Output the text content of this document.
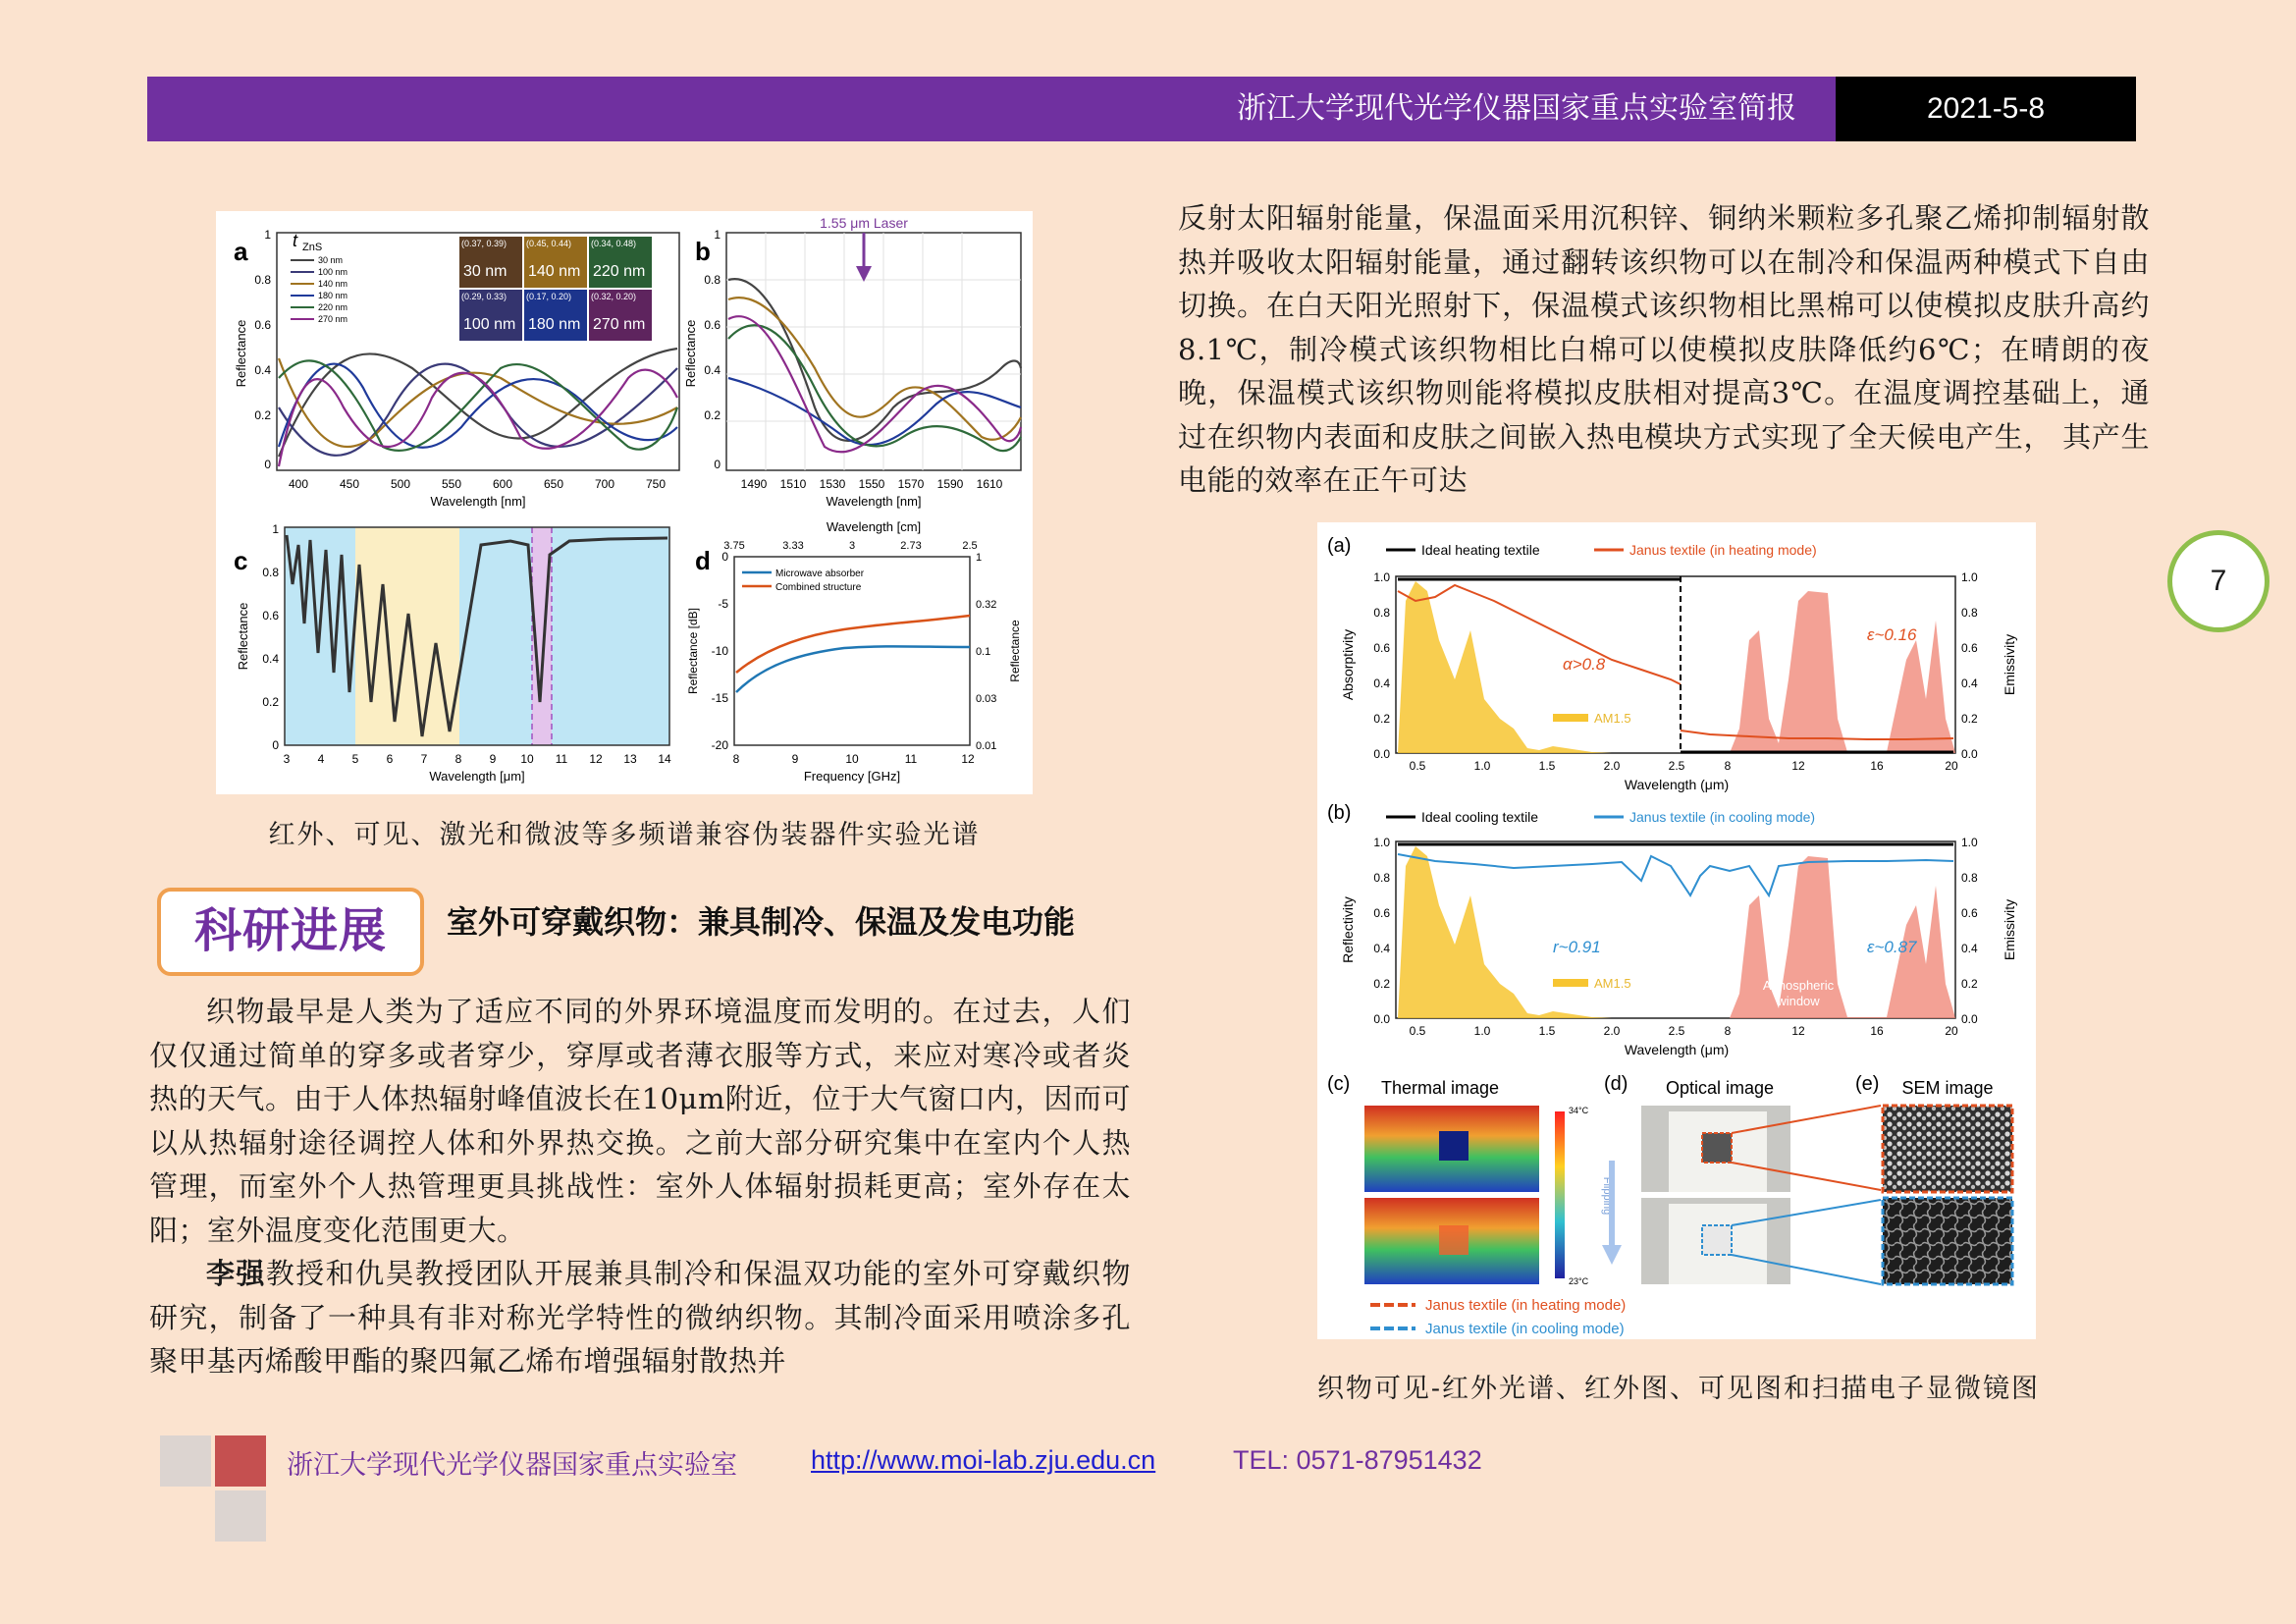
浙江大学现代光学仪器国家重点实验室简报	2021-5-8
7
a	t ZnS
30 nm
100 nm
140 nm
180 nm
220 nm
270 nm
(0.37, 0.39)
30 nm
(0.45, 0.44)
140 nm
(0.34, 0.48)
220 nm
(0.29, 0.33)
100 nm
(0.17, 0.20)
180 nm
(0.32, 0.20)
270 nm
1
0.8
0.6
0.4
0.2
0
400	450	500	550	600	650	700	750
Wavelength [nm]
Reflectance
b
1.55 μm Laser
1
0.8
0.6
0.4
0.2
0
1490 1510 1530 1550 1570 1590 1610
Wavelength [nm]
Reflectance
c
1
0.8
0.6
0.4
0.2
0
3 4 5 6 7 8 9 10 11 12 13 14
Wavelength [μm]
Reflectance
d
Wavelength [cm]
3.75	3.33	3	2.73	2.5
Microwave absorber
Combined structure
0
-5
-10
-15
-20
1
0.32
0.1
0.03
0.01
8	9	10	11	12
Frequency [GHz]
Reflectance [dB]	Reflectance
红外、可见、激光和微波等多频谱兼容伪装器件实验光谱
科研进展	室外可穿戴织物：兼具制冷、保温及发电功能
织物最早是人类为了适应不同的外界环境温度而发明的。在过去，人们仅仅通过简单的穿多或者穿少，穿厚或者薄衣服等方式，来应对寒冷或者炎热的天气。由于人体热辐射峰值波长在10μm附近，位于大气窗口内，因而可以从热辐射途径调控人体和外界热交换。之前大部分研究集中在室内个人热管理，而室外个人热管理更具挑战性：室外人体辐射损耗更高；室外存在太阳；室外温度变化范围更大。
李强教授和仇昊教授团队开展兼具制冷和保温双功能的室外可穿戴织物研究，制备了一种具有非对称光学特性的微纳织物。其制冷面采用喷涂多孔聚甲基丙烯酸甲酯的聚四氟乙烯布增强辐射散热并
反射太阳辐射能量，保温面采用沉积锌、铜纳米颗粒多孔聚乙烯抑制辐射散热并吸收太阳辐射能量，通过翻转该织物可以在制冷和保温两种模式下自由切换。在白天阳光照射下，保温模式该织物相比黑棉可以使模拟皮肤升高约 8.1℃，制冷模式该织物相比白棉可以使模拟皮肤降低约6℃；在晴朗的夜晚，保温模式该织物则能将模拟皮肤相对提高3℃。在温度调控基础上，通过在织物内表面和皮肤之间嵌入热电模块方式实现了全天候电产生， 其产生电能的效率在正午可达
(a)	Ideal heating textile	Janus textile (in heating mode)
α>0.8
ε~0.16
AM1.5
1.0
0.8
0.6
0.4
0.2
0.0
1.0
0.8
0.6
0.4
0.2
0.0
0.5	1.0	1.5	2.0	2.5	8	12	16	20
Wavelength (μm)
Absorptivity	Emissivity
(b)	Ideal cooling textile	Janus textile (in cooling mode)
r~0.91	ε~0.87
AM1.5	Atmospheric
window
1.0
0.8
0.6
0.4
0.2
0.0
1.0
0.8
0.6
0.4
0.2
0.0
0.5	1.0	1.5	2.0	2.5	8	12	16	20
Wavelength (μm)
Reflectivity	Emissivity
(c) Thermal image
34°C
23°C
Flipping
(d) Optical image	(e) SEM image
Janus textile (in heating mode)
Janus textile (in cooling mode)
织物可见-红外光谱、红外图、可见图和扫描电子显微镜图
浙江大学现代光学仪器国家重点实验室	http://www.moi-lab.zju.edu.cn	TEL: 0571-87951432
